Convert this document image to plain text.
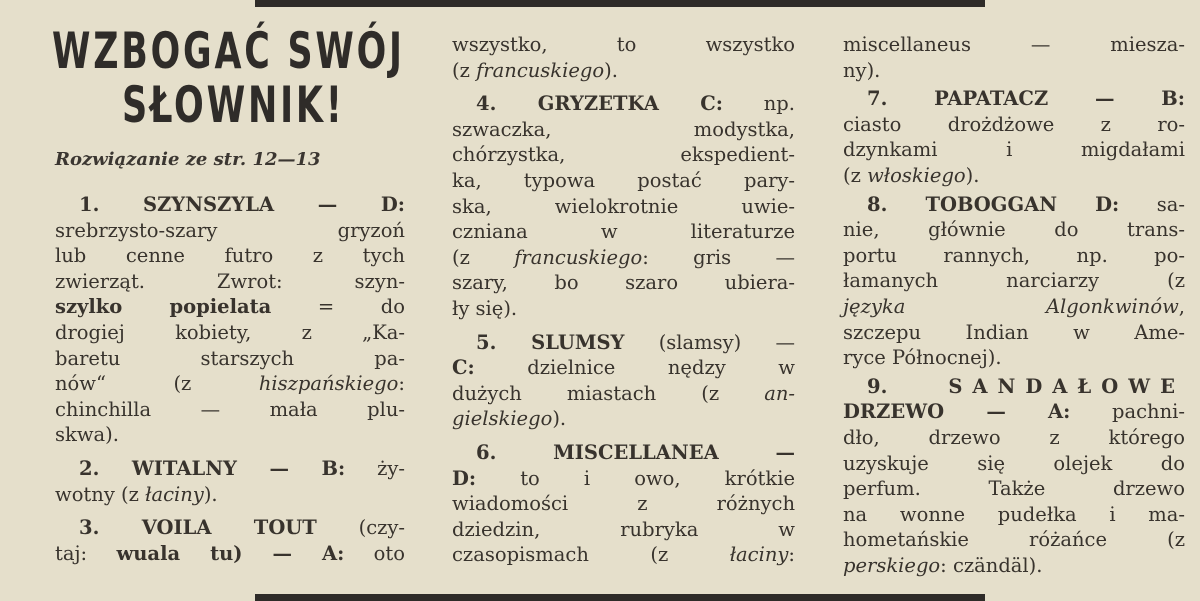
WZBOGAĆ SWÓJ
SŁOWNIK!
Rozwiązanie ze str. 12—13
1. SZYNSZYLA — D:
srebrzysto-szary gryzoń
lub cenne futro z tych
zwierząt. Zwrot: szyn-
szylko popielata = do
drogiej kobiety, z „Ka-
baretu starszych pa-
nów“ (z hiszpańskiego:
chinchilla — mała plu-
skwa).
2. WITALNY — B: ży-
wotny (z łaciny).
3. VOILA TOUT (czy-
taj: wuala tu) — A: oto
wszystko, to wszystko
(z francuskiego).
4. GRYZETKA C: np.
szwaczka, modystka,
chórzystka, ekspedient-
ka, typowa postać pary-
ska, wielokrotnie uwie-
czniana w literaturze
(z francuskiego: gris —
szary, bo szaro ubiera-
ły się).
5. SLUMSY (slamsy) —
C: dzielnice nędzy w
dużych miastach (z an-
gielskiego).
6. MISCELLANEA —
D: to i owo, krótkie
wiadomości z różnych
dziedzin, rubryka w
czasopismach (z łaciny:
miscellaneus — miesza-
ny).
7. PAPATACZ — B:
ciasto drożdżowe z ro-
dzynkami i migdałami
(z włoskiego).
8. TOBOGGAN D: sa-
nie, głównie do trans-
portu rannych, np. po-
łamanych narciarzy (z
języka Algonkwinów,
szczepu Indian w Ame-
ryce Północnej).
9. SANDAŁOWE
DRZEWO — A: pachni-
dło, drzewo z którego
uzyskuje się olejek do
perfum. Także drzewo
na wonne pudełka i ma-
hometańskie różańce (z
perskiego: czändäl).
